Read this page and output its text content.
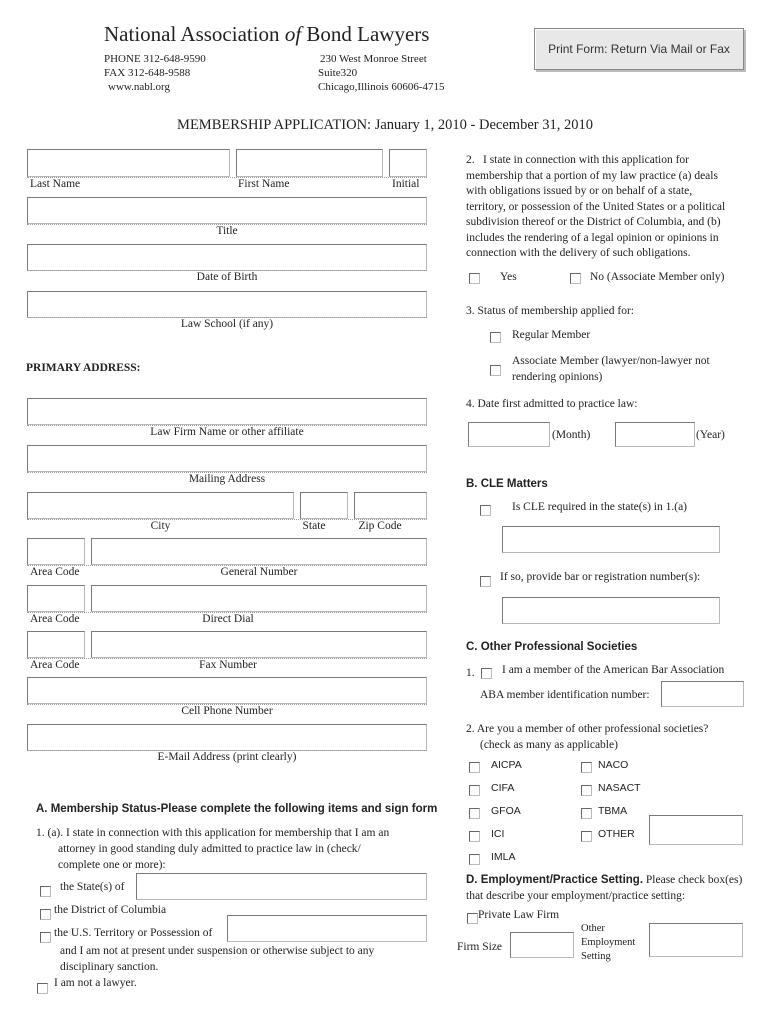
National Association of Bond Lawyers
PHONE 312-648-9590
FAX 312-648-9588
www.nabl.org
230 West Monroe Street
Suite320
Chicago,Illinois 60606-4715
Print Form: Return Via Mail or Fax
MEMBERSHIP APPLICATION: January 1, 2010 - December 31, 2010
Last Name	First Name	Initial
Title
Date of Birth
Law School (if any)
PRIMARY ADDRESS:
Law Firm Name or other affiliate
Mailing Address
City	State	Zip Code
Area Code	General Number
Area Code	Direct Dial
Area Code	Fax Number
Cell Phone Number
E-Mail Address (print clearly)
A. Membership Status-Please complete the following items and sign form
1. (a). I state in connection with this application for membership that I am an
attorney in good standing duly admitted to practice law in (check/
complete one or more):
the State(s) of
the District of Columbia
the U.S. Territory or Possession of
and I am not at present under suspension or otherwise subject to any
disciplinary sanction.
I am not a lawyer.
2. I state in connection with this application for
membership that a portion of my law practice (a) deals
with obligations issued by or on behalf of a state,
territory, or possession of the United States or a political
subdivision thereof or the District of Columbia, and (b)
includes the rendering of a legal opinion or opinions in
connection with the delivery of such obligations.
Yes	No (Associate Member only)
3. Status of membership applied for:
Regular Member
Associate Member (lawyer/non-lawyer not
rendering opinions)
4. Date first admitted to practice law:
(Month)	(Year)
B. CLE Matters
Is CLE required in the state(s) in 1.(a)
If so, provide bar or registration number(s):
C. Other Professional Societies
1. I am a member of the American Bar Association
ABA member identification number:
2. Are you a member of other professional societies?
(check as many as applicable)
AICPA	NACO
CIFA	NASACT
GFOA	TBMA
ICI	OTHER
IMLA
D. Employment/Practice Setting. Please check box(es)
that describe your employment/practice setting:
Private Law Firm
Firm Size
Other
Employment
Setting
